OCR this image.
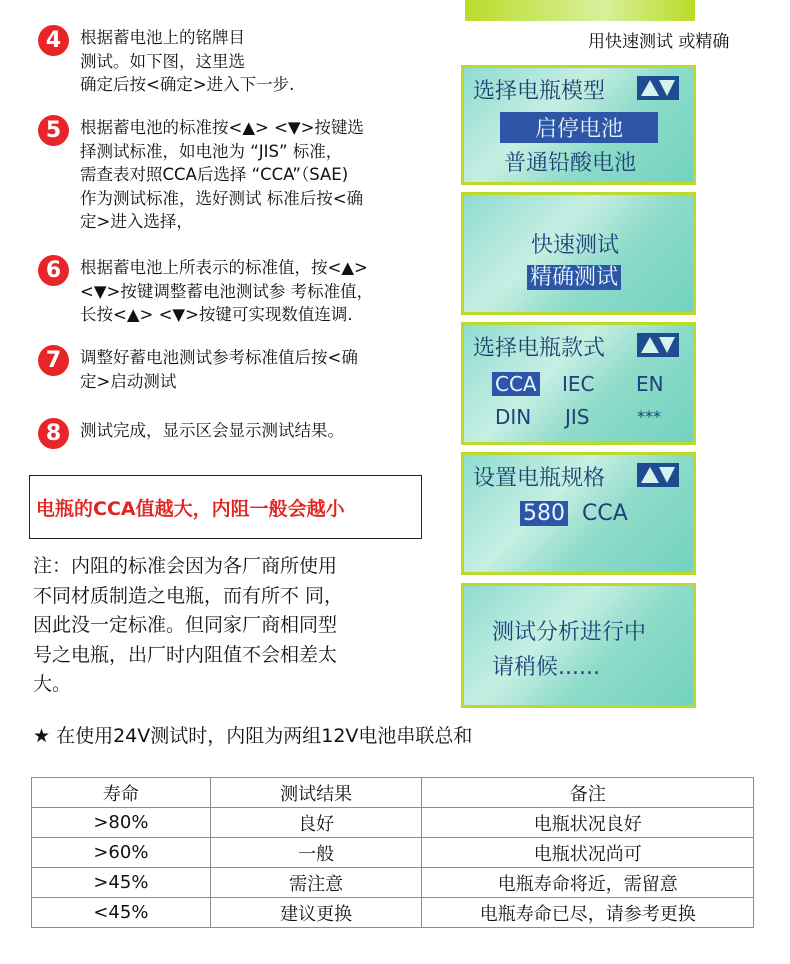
用快速测试 或精确
4	根据蓄电池上的铭牌目
测试。如下图，这里选
确定后按<确定>进入下一步.
5	根据蓄电池的标准按<▲> <▼>按键选
择测试标准，如电池为 “JIS” 标准，
需查表对照CCA后选择 “CCA”（SAE)
作为测试标准，选好测试 标准后按<确
定>进入选择，
6	根据蓄电池上所表示的标准值，按<▲>
<▼>按键调整蓄电池测试参 考标准值，
长按<▲> <▼>按键可实现数值连调.
7	调整好蓄电池测试参考标准值后按<确
定>启动测试
8	测试完成，显示区会显示测试结果。
电瓶的CCA值越大，内阻一般会越小
注：内阻的标准会因为各厂商所使用
不同材质制造之电瓶，而有所不 同，
因此没一定标准。但同家厂商相同型
号之电瓶，出厂时内阻值不会相差太
大。
★ 在使用24V测试时，内阻为两组12V电池串联总和
选择电瓶模型
启停电池
普通铅酸电池
快速测试
精确测试
选择电瓶款式
CCA IEC EN
DIN JIS	***
设置电瓶规格
580 CCA
测试分析进行中
请稍候......
寿命	测试结果	备注
>80%	良好	电瓶状况良好
>60%	一般	电瓶状况尚可
>45%	需注意	电瓶寿命将近，需留意
<45%	建议更换	电瓶寿命已尽，请参考更换
